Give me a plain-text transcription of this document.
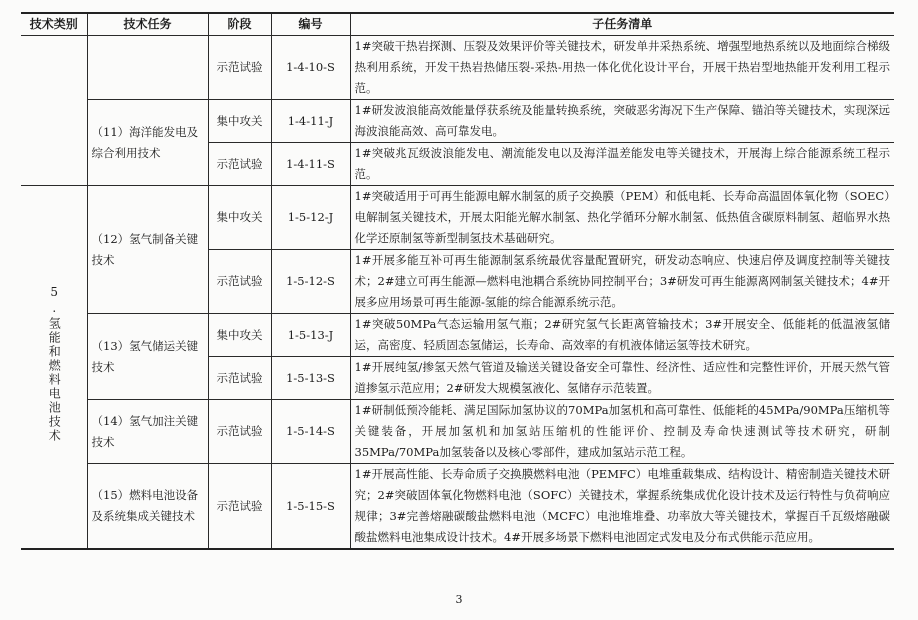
技术类别	技术任务	阶段	编号	子任务清单
		示范试验	1-4-10-S	1#突破干热岩探测、压裂及效果评价等关键技术，研发单井采热系统、增强型地热系统以及地面综合梯级热利用系统，开发干热岩热储压裂-采热-用热一体化优化设计平台，开展干热岩型地热能开发利用工程示范。
	（11）海洋能发电及综合利用技术	集中攻关	1-4-11-J	1#研发波浪能高效能量俘获系统及能量转换系统，突破恶劣海况下生产保障、锚泊等关键技术，实现深远海波浪能高效、高可靠发电。
		示范试验	1-4-11-S	1#突破兆瓦级波浪能发电、潮流能发电以及海洋温差能发电等关键技术，开展海上综合能源系统工程示范。
5.氢能和燃料电池技术	（12）氢气制备关键技术	集中攻关	1-5-12-J	1#突破适用于可再生能源电解水制氢的质子交换膜（PEM）和低电耗、长寿命高温固体氧化物（SOEC）电解制氢关键技术，开展太阳能光解水制氢、热化学循环分解水制氢、低热值含碳原料制氢、超临界水热化学还原制氢等新型制氢技术基础研究。
		示范试验	1-5-12-S	1#开展多能互补可再生能源制氢系统最优容量配置研究，研发动态响应、快速启停及调度控制等关键技术；2#建立可再生能源—燃料电池耦合系统协同控制平台；3#研发可再生能源离网制氢关键技术；4#开展多应用场景可再生能源-氢能的综合能源系统示范。
	（13）氢气储运关键技术	集中攻关	1-5-13-J	1#突破50MPa气态运输用氢气瓶；2#研究氢气长距离管输技术；3#开展安全、低能耗的低温液氢储运，高密度、轻质固态氢储运，长寿命、高效率的有机液体储运氢等技术研究。
		示范试验	1-5-13-S	1#开展纯氢/掺氢天然气管道及输送关键设备安全可靠性、经济性、适应性和完整性评价，开展天然气管道掺氢示范应用；2#研发大规模氢液化、氢储存示范装置。
	（14）氢气加注关键技术	示范试验	1-5-14-S	1#研制低预冷能耗、满足国际加氢协议的70MPa加氢机和高可靠性、低能耗的45MPa/90MPa压缩机等关键装备，开展加氢机和加氢站压缩机的性能评价、控制及寿命快速测试等技术研究，研制35MPa/70MPa加氢装备以及核心零部件，建成加氢站示范工程。
	（15）燃料电池设备及系统集成关键技术	示范试验	1-5-15-S	1#开展高性能、长寿命质子交换膜燃料电池（PEMFC）电堆重载集成、结构设计、精密制造关键技术研究；2#突破固体氧化物燃料电池（SOFC）关键技术，掌握系统集成优化设计技术及运行特性与负荷响应规律；3#完善熔融碳酸盐燃料电池（MCFC）电池堆堆叠、功率放大等关键技术，掌握百千瓦级熔融碳酸盐燃料电池集成设计技术。4#开展多场景下燃料电池固定式发电及分布式供能示范应用。
3
